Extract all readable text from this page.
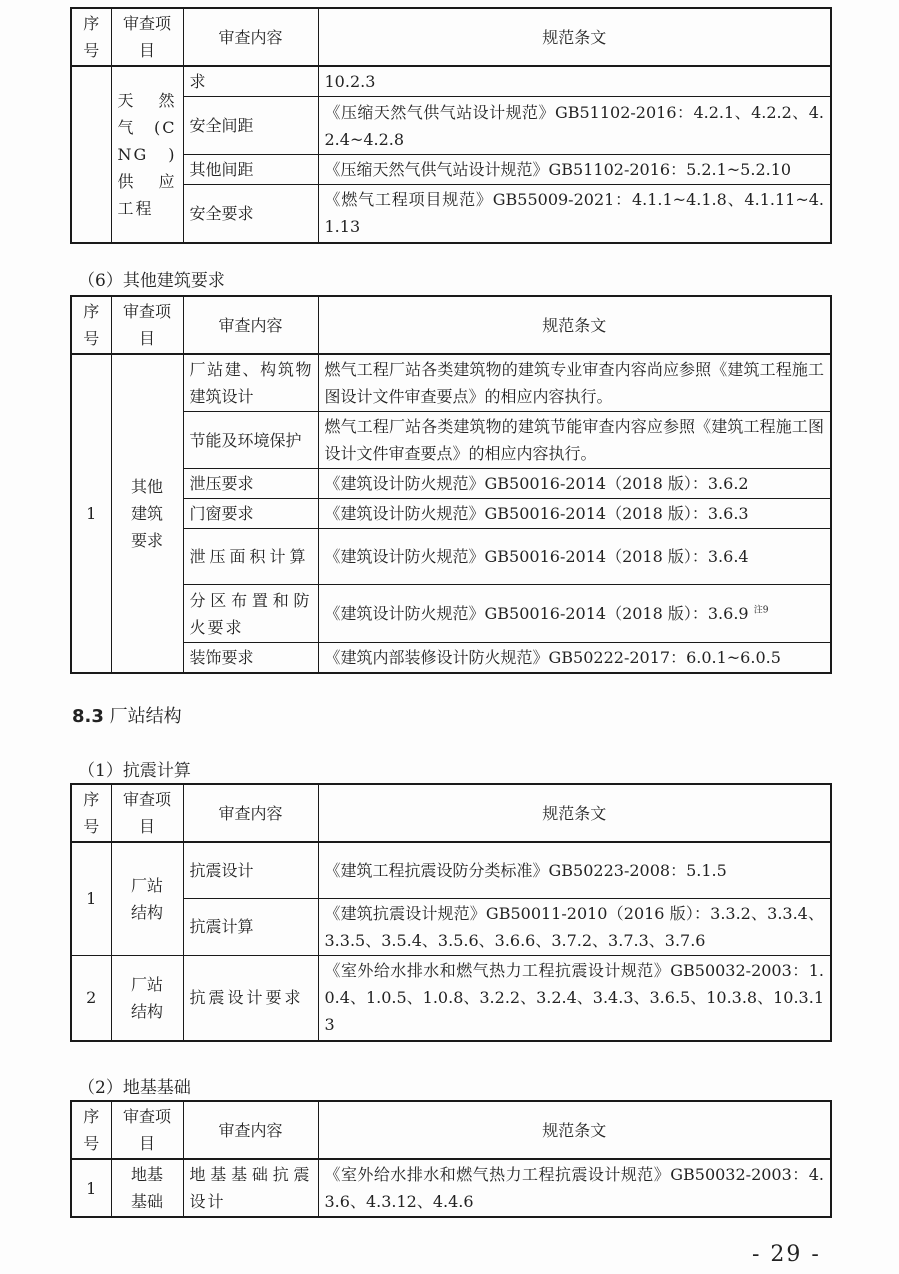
序号	审查项目	审查内容	规范条文
	天 然 气 (CNG ) 供 应 工程	求	10.2.3
		安全间距	《压缩天然气供气站设计规范》GB51102-2016：4.2.1、4.2.2、4.2.4~4.2.8
		其他间距	《压缩天然气供气站设计规范》GB51102-2016：5.2.1~5.2.10
		安全要求	《燃气工程项目规范》GB55009-2021：4.1.1~4.1.8、4.1.11~4.1.13
（6）其他建筑要求
序号	审查项目	审查内容	规范条文
1	其他建筑要求	厂站建、构筑物建筑设计	燃气工程厂站各类建筑物的建筑专业审查内容尚应参照《建筑工程施工图设计文件审查要点》的相应内容执行。
		节能及环境保护	燃气工程厂站各类建筑物的建筑节能审查内容应参照《建筑工程施工图设计文件审查要点》的相应内容执行。
		泄压要求	《建筑设计防火规范》GB50016-2014（2018 版）：3.6.2
		门窗要求	《建筑设计防火规范》GB50016-2014（2018 版）：3.6.3
		泄压面积计算	《建筑设计防火规范》GB50016-2014（2018 版）：3.6.4
		分区布置和防火要求	《建筑设计防火规范》GB50016-2014（2018 版）：3.6.9 $^{注9}$
		装饰要求	《建筑内部装修设计防火规范》GB50222-2017：6.0.1~6.0.5
8.3 厂站结构
（1）抗震计算
序号	审查项目	审查内容	规范条文
1	厂站结构	抗震设计	《建筑工程抗震设防分类标准》GB50223-2008：5.1.5
		抗震计算	《建筑抗震设计规范》GB50011-2010（2016 版）：3.3.2、3.3.4、3.3.5、3.5.4、3.5.6、3.6.6、3.7.2、3.7.3、3.7.6
2	厂站结构	抗震设计要求	《室外给水排水和燃气热力工程抗震设计规范》GB50032-2003：1.0.4、1.0.5、1.0.8、3.2.2、3.2.4、3.4.3、3.6.5、10.3.8、10.3.13
（2）地基基础
序号	审查项目	审查内容	规范条文
1	地基基础	地基基础抗震设计	《室外给水排水和燃气热力工程抗震设计规范》GB50032-2003：4.3.6、4.3.12、4.4.6
- 29 -
